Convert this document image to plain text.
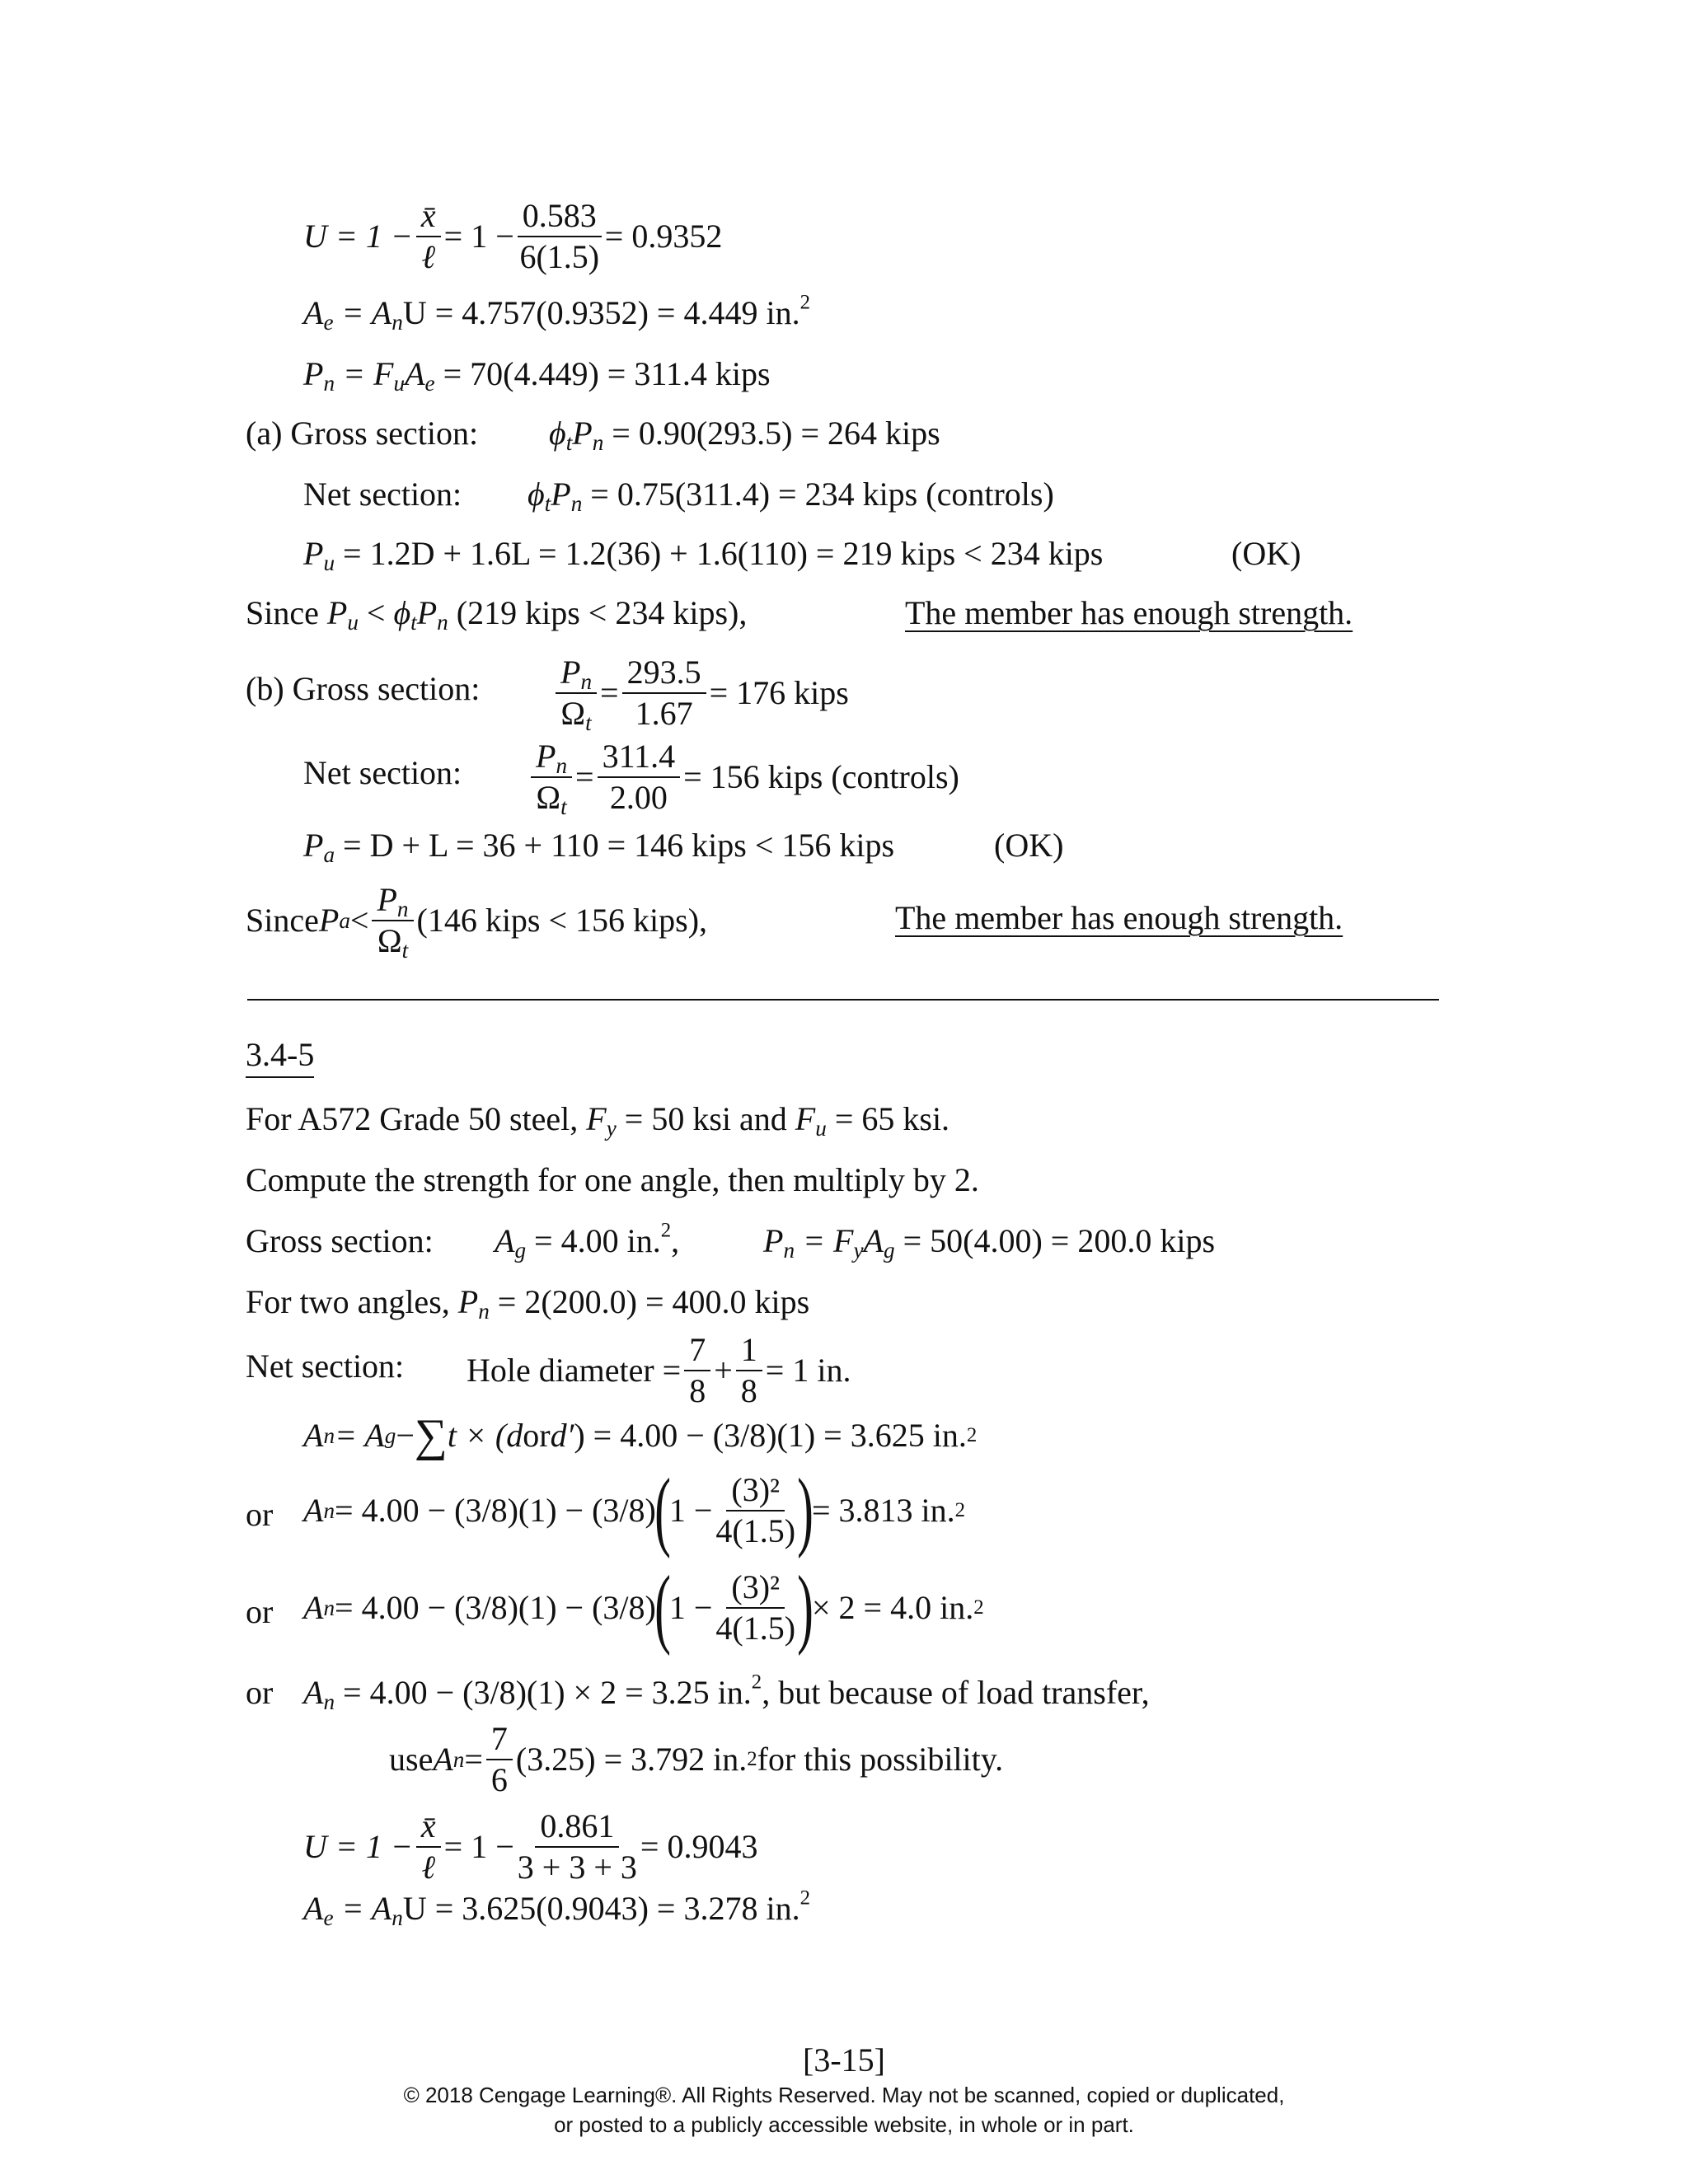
$U = 1 - \frac{x̄}{\text{ℓ}} = 1 - \frac{0.583}{6(1.5)} = 0.9352$
$A_e = A_nU = 4.757(0.9352) = 4.449$ in.$^2$
$P_n = F_uA_e = 70(4.449) = 311.4$ kips
(a) Gross section: $\phi_tP_n = 0.90(293.5) = 264$ kips
Net section: $\phi_tP_n = 0.75(311.4) = 234$ kips (controls)
$P_u = 1.2D + 1.6L = 1.2(36) + 1.6(110) = 219$ kips < 234 kips	(OK)
Since $P_u < \phi_tP_n$ (219 kips < 234 kips),	The member has enough strength.
(b) Gross section: $\frac{P_n}{\Omega_t} = \frac{293.5}{1.67} = 176$ kips
Net section: $\frac{P_n}{\Omega_t} = \frac{311.4}{2.00} = 156$ kips (controls)
$P_a = D + L = 36 + 110 = 146$ kips < 156 kips	(OK)
Since P $a < \frac{P_n}{\Omega_t} (146$ kips < 156 kips),	The member has enough strength.
3.4-5
For A572 Grade 50 steel, $F_y = 50$ ksi and $F_u = 65$ ksi.
Compute the strength for one angle, then multiply by 2.
Gross section: $A_g = 4.00$ in.$^2$,	$P_n = F_yA_g = 50(4.00) = 200.0$ kips
For two angles, $P_n = 2(200.0) = 400.0$ kips
Net section: Hole diameter = $\frac{7}{8} + \frac{1}{8} = 1$ in.
A n = A g − ∑ t × ( d or d′ ) = 4.00 − (3/8)(1) = 3.625 in. 2
or A n = 4.00 − (3/8)(1) − (3/8)
(
$1 - \frac{\text{(3)²}}{4(1.5)}$ )
= 3.813 in. 2
or A n = 4.00 − (3/8)(1) − (3/8)
(
$1 - \frac{\text{(3)²}}{4(1.5)}$ )
× 2 = 4.0 in. 2
or $A_n = 4.00 - (3/8)(1) \times 2 = 3.25$ in.$^2$, but because of load transfer,
use A $n = \frac{7}{6} (3.25) = 3.792$ in. 2 for this possibility.
$U = 1 - \frac{x̄}{\text{ℓ}} = 1 - \frac{0.861}{3 + 3 + 3} = 0.9043$
$A_e = A_nU = 3.625(0.9043) = 3.278$ in.$^2$
[3-15]
© 2018 Cengage Learning®. All Rights Reserved. May not be scanned, copied or duplicated,
or posted to a publicly accessible website, in whole or in part.
